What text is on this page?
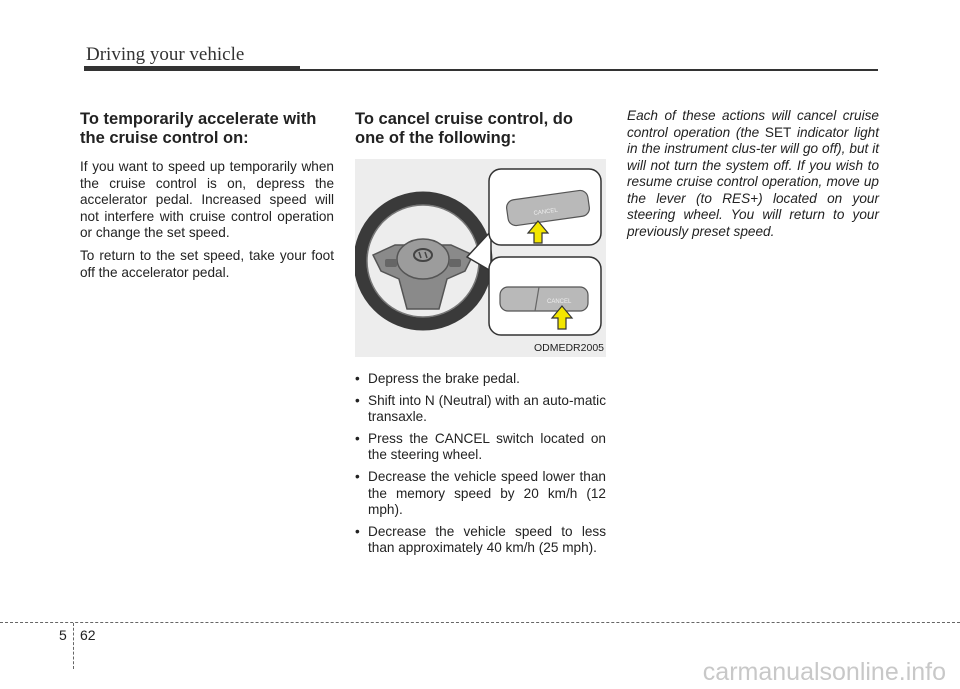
Driving your vehicle
To temporarily accelerate with the cruise control on:

If you want to speed up temporarily when the cruise control is on, depress the accelerator pedal. Increased speed will not interfere with cruise control operation or change the set speed.

To return to the set speed, take your foot off the accelerator pedal.

To cancel cruise control, do one of the following:
CANCEL
CANCEL
ODMEDR2005
• Depress the brake pedal.
• Shift into N (Neutral) with an auto-matic transaxle.
• Press the CANCEL switch located on the steering wheel.
• Decrease the vehicle speed lower than the memory speed by 20 km/h (12 mph).
• Decrease the vehicle speed to less than approximately 40 km/h (25 mph).

Each of these actions will cancel cruise control operation (the SET indicator light in the instrument clus-ter will go off), but it will not turn the system off. If you wish to resume cruise control operation, move up the lever (to RES+) located on your steering wheel. You will return to your previously preset speed.

5 62
carmanualsonline.info
